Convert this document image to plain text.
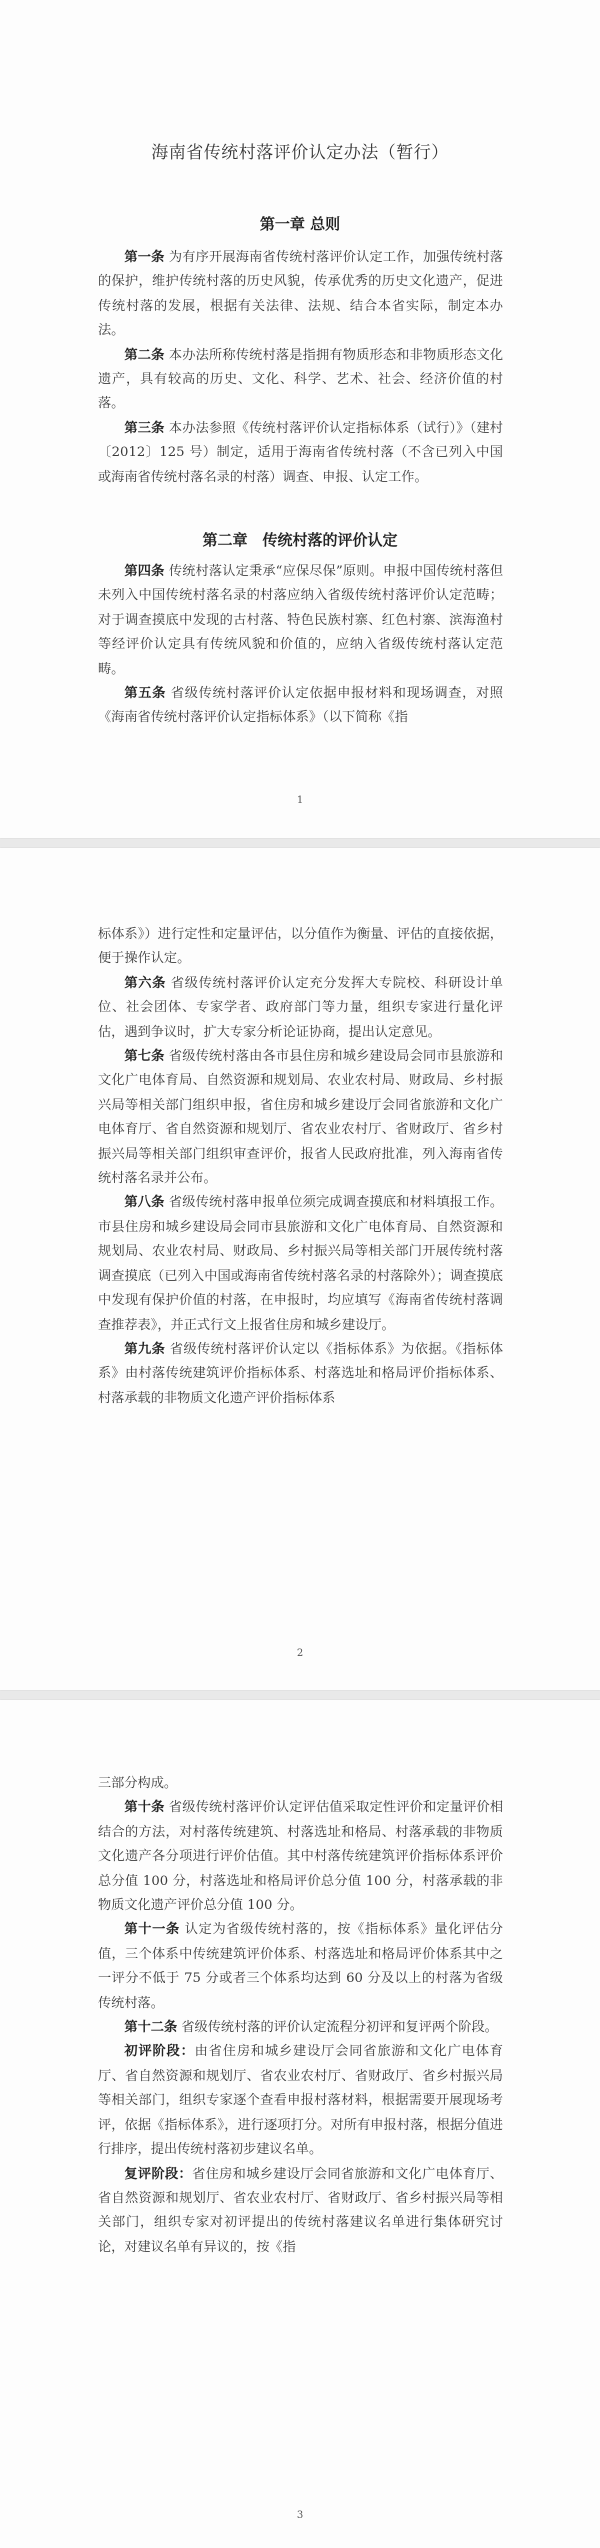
海南省传统村落评价认定办法（暂行）
第一章 总则

第一条 为有序开展海南省传统村落评价认定工作，加强传统村落的保护，维护传统村落的历史风貌，传承优秀的历史文化遗产，促进传统村落的发展，根据有关法律、法规、结合本省实际，制定本办法。

第二条 本办法所称传统村落是指拥有物质形态和非物质形态文化遗产，具有较高的历史、文化、科学、艺术、社会、经济价值的村落。

第三条 本办法参照《传统村落评价认定指标体系（试行）》（建村〔2012〕125 号）制定，适用于海南省传统村落（不含已列入中国或海南省传统村落名录的村落）调查、申报、认定工作。

第二章　传统村落的评价认定

第四条 传统村落认定秉承“应保尽保”原则。申报中国传统村落但未列入中国传统村落名录的村落应纳入省级传统村落评价认定范畴；对于调查摸底中发现的古村落、特色民族村寨、红色村寨、滨海渔村等经评价认定具有传统风貌和价值的，应纳入省级传统村落认定范畴。

第五条 省级传统村落评价认定依据申报材料和现场调查，对照《海南省传统村落评价认定指标体系》（以下简称《指

1

标体系》）进行定性和定量评估，以分值作为衡量、评估的直接依据，便于操作认定。

第六条 省级传统村落评价认定充分发挥大专院校、科研设计单位、社会团体、专家学者、政府部门等力量，组织专家进行量化评估，遇到争议时，扩大专家分析论证协商，提出认定意见。

第七条 省级传统村落由各市县住房和城乡建设局会同市县旅游和文化广电体育局、自然资源和规划局、农业农村局、财政局、乡村振兴局等相关部门组织申报，省住房和城乡建设厅会同省旅游和文化广电体育厅、省自然资源和规划厅、省农业农村厅、省财政厅、省乡村振兴局等相关部门组织审查评价，报省人民政府批准，列入海南省传统村落名录并公布。

第八条 省级传统村落申报单位须完成调查摸底和材料填报工作。市县住房和城乡建设局会同市县旅游和文化广电体育局、自然资源和规划局、农业农村局、财政局、乡村振兴局等相关部门开展传统村落调查摸底（已列入中国或海南省传统村落名录的村落除外）；调查摸底中发现有保护价值的村落，在申报时，均应填写《海南省传统村落调查推荐表》，并正式行文上报省住房和城乡建设厅。

第九条 省级传统村落评价认定以《指标体系》为依据。《指标体系》由村落传统建筑评价指标体系、村落选址和格局评价指标体系、村落承载的非物质文化遗产评价指标体系

2

三部分构成。

第十条 省级传统村落评价认定评估值采取定性评价和定量评价相结合的方法，对村落传统建筑、村落选址和格局、村落承载的非物质文化遗产各分项进行评价估值。其中村落传统建筑评价指标体系评价总分值 100 分，村落选址和格局评价总分值 100 分，村落承载的非物质文化遗产评价总分值 100 分。

第十一条 认定为省级传统村落的，按《指标体系》量化评估分值，三个体系中传统建筑评价体系、村落选址和格局评价体系其中之一评分不低于 75 分或者三个体系均达到 60 分及以上的村落为省级传统村落。

第十二条 省级传统村落的评价认定流程分初评和复评两个阶段。

初评阶段：由省住房和城乡建设厅会同省旅游和文化广电体育厅、省自然资源和规划厅、省农业农村厅、省财政厅、省乡村振兴局等相关部门，组织专家逐个查看申报村落材料，根据需要开展现场考评，依据《指标体系》，进行逐项打分。对所有申报村落，根据分值进行排序，提出传统村落初步建议名单。

复评阶段：省住房和城乡建设厅会同省旅游和文化广电体育厅、省自然资源和规划厅、省农业农村厅、省财政厅、省乡村振兴局等相关部门，组织专家对初评提出的传统村落建议名单进行集体研究讨论，对建议名单有异议的，按《指

3
